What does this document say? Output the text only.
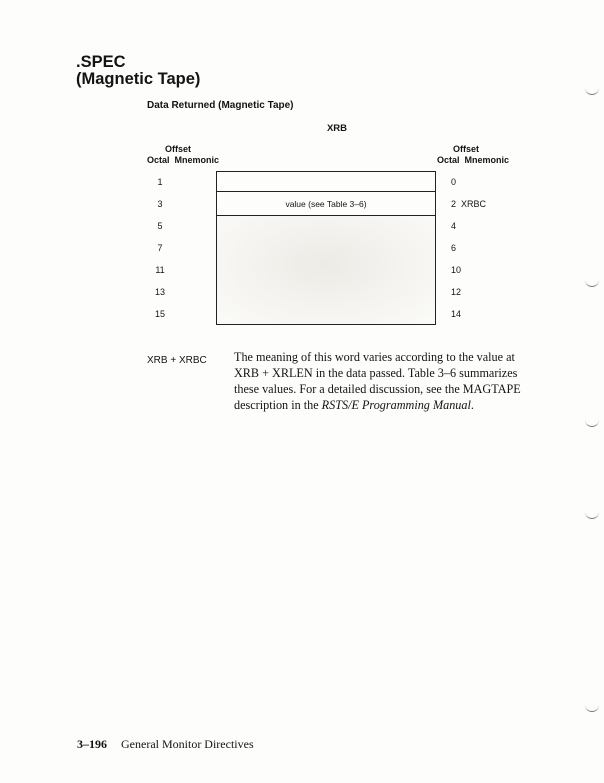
.SPEC
(Magnetic Tape)
Data Returned (Magnetic Tape)
XRB
Offset
Octal  Mnemonic
Offset
Octal  Mnemonic
1
3
5
7
11
13
15
0
2  XRBC
4
6
10
12
14
value (see Table 3–6)
XRB + XRBC The meaning of this word varies according to the value at XRB + XRLEN in the data passed. Table 3–6 summarizes these values. For a detailed discussion, see the MAGTAPE description in the RSTS/E Programming Manual.
3–196 General Monitor Directives
